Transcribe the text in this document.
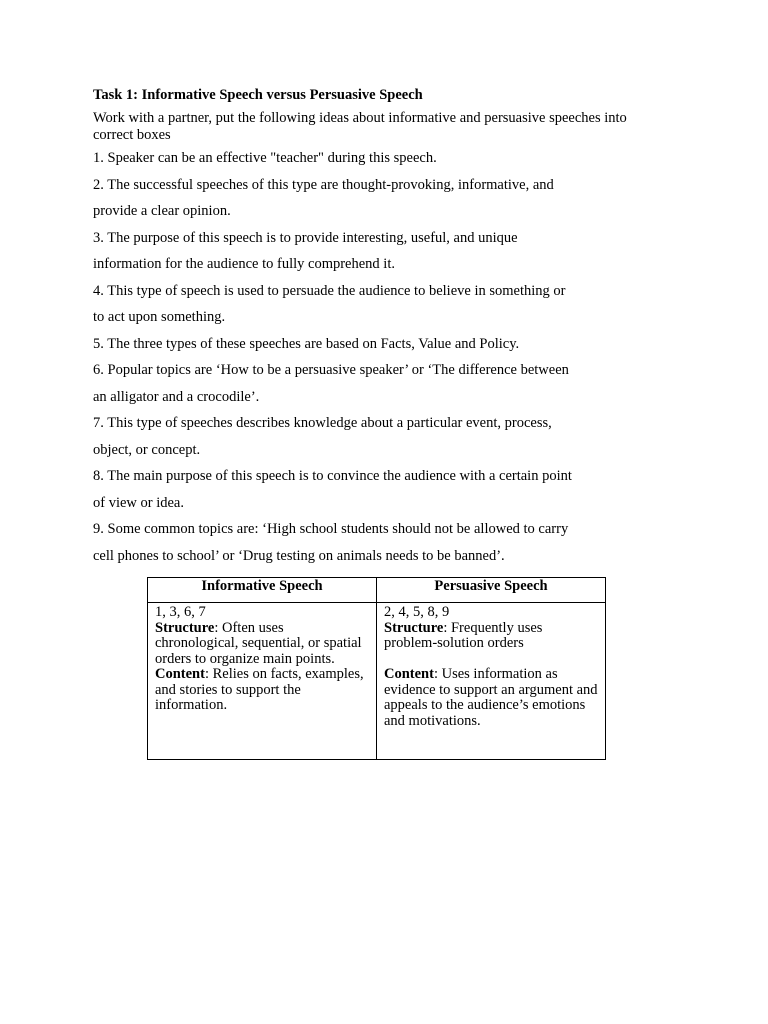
Task 1: Informative Speech versus Persuasive Speech
Work with a partner, put the following ideas about informative and persuasive speeches into correct boxes
1. Speaker can be an effective "teacher" during this speech.
2. The successful speeches of this type are thought-provoking, informative, and
provide a clear opinion.
3. The purpose of this speech is to provide interesting, useful, and unique
information for the audience to fully comprehend it.
4. This type of speech is used to persuade the audience to believe in something or
to act upon something.
5. The three types of these speeches are based on Facts, Value and Policy.
6. Popular topics are ‘How to be a persuasive speaker’ or ‘The difference between
an alligator and a crocodile’.
7. This type of speeches describes knowledge about a particular event, process,
object, or concept.
8. The main purpose of this speech is to convince the audience with a certain point
of view or idea.
9. Some common topics are: ‘High school students should not be allowed to carry
cell phones to school’ or ‘Drug testing on animals needs to be banned’.
Informative Speech	Persuasive Speech

1, 3, 6, 7
Structure: Often uses chronological, sequential, or spatial orders to organize main points.
Content: Relies on facts, examples, and stories to support the information.	2, 4, 5, 8, 9
Structure: Frequently uses problem-solution orders
Content: Uses information as evidence to support an argument and appeals to the audience’s emotions and motivations.
